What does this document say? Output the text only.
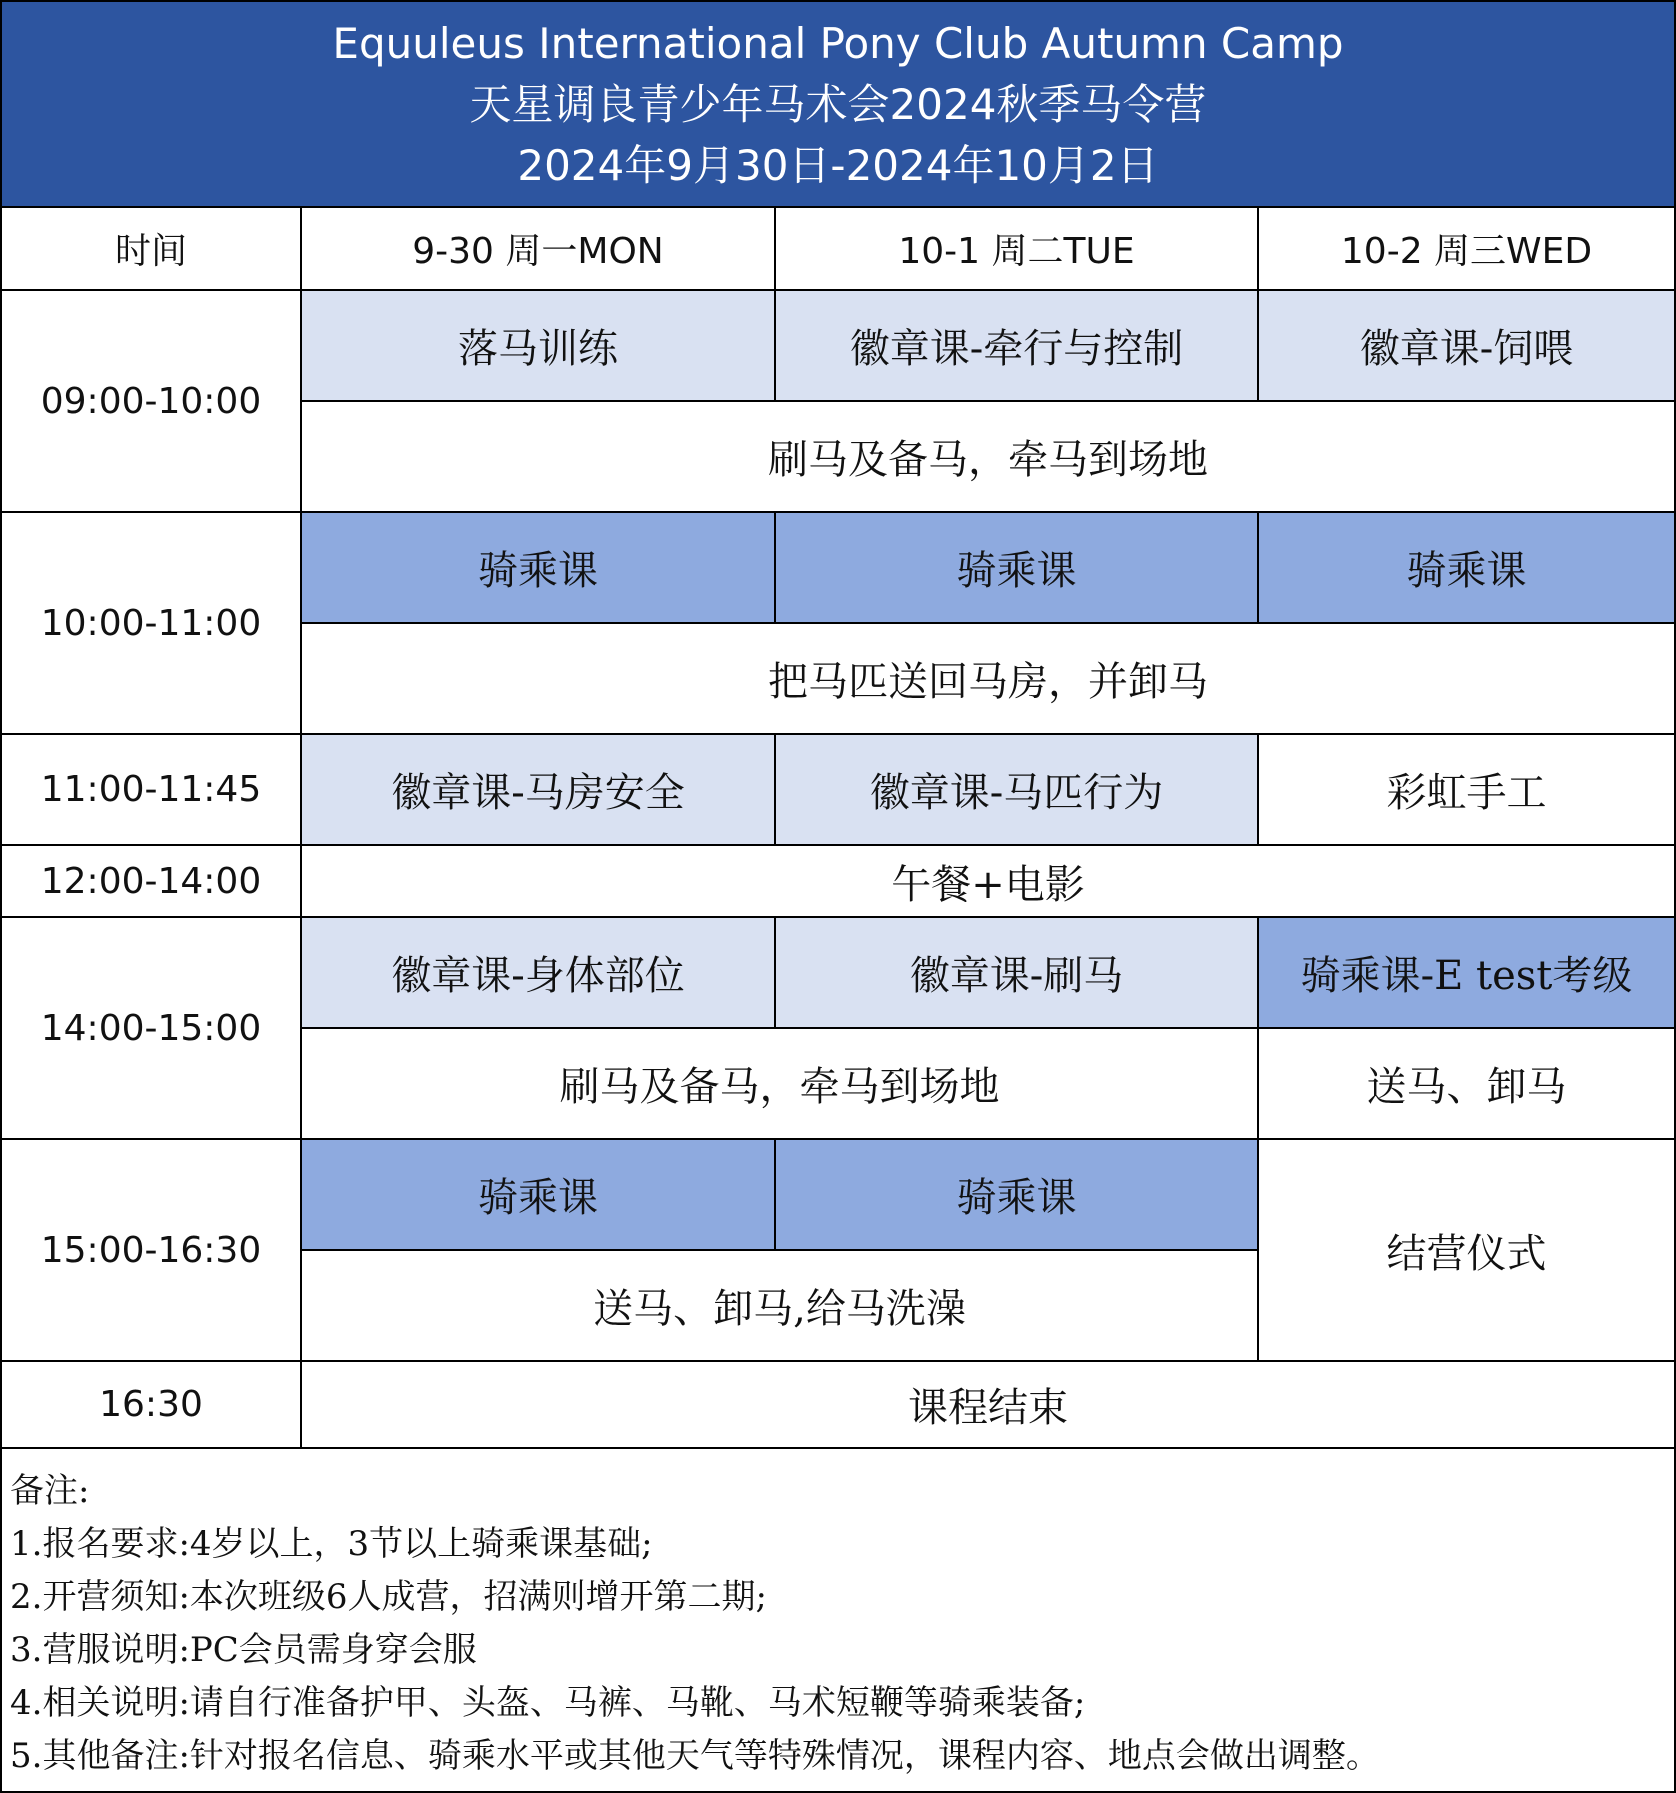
Equuleus International Pony Club Autumn Camp
天星调良青少年马术会2024秋季马令营
2024年9月30日-2024年10月2日
时间	9-30 周一MON	10-1 周二TUE	10-2 周三WED
09:00-10:00	落马训练	徽章课-牵行与控制	徽章课-饲喂
	刷马及备马，牵马到场地		
10:00-11:00	骑乘课	骑乘课	骑乘课
	把马匹送回马房，并卸马		
11:00-11:45	徽章课-马房安全	徽章课-马匹行为	彩虹手工
12:00-14:00	午餐+电影		
14:00-15:00	徽章课-身体部位	徽章课-刷马	骑乘课-E test考级
	刷马及备马，牵马到场地		送马、卸马
15:00-16:30	骑乘课	骑乘课	结营仪式
	送马、卸马,给马洗澡		
16:30	课程结束		
备注:
1.报名要求: 4岁以上，3节以上骑乘课基础;
2.开营须知: 本次班级6人成营，招满则增开第二期;
3.营服说明: PC会员需身穿会服
4.相关说明: 请自行准备护甲、头盔、马裤、马靴、马术短鞭等骑乘装备;
5.其他备注: 针对报名信息、骑乘水平或其他天气等特殊情况，课程内容、地点会做出调整。
